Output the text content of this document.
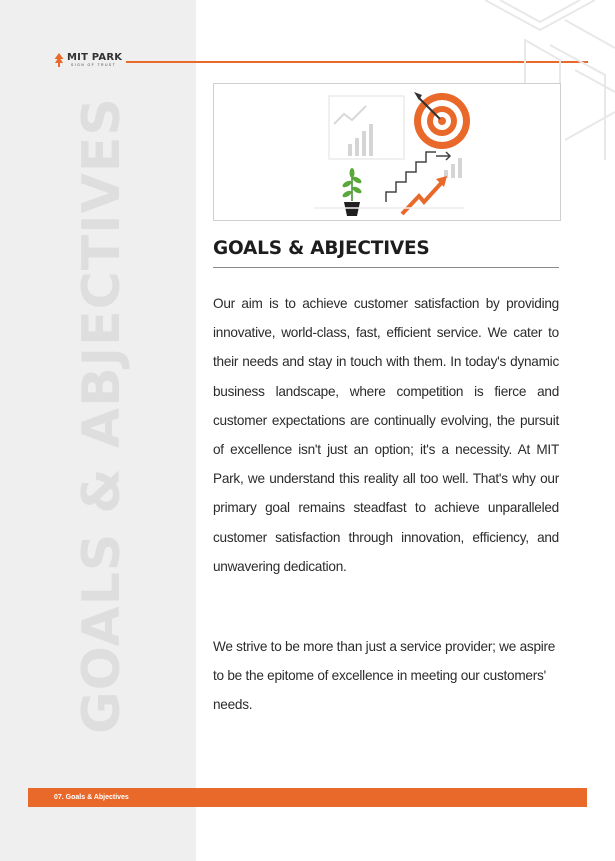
GOALS & ABJECTIVES
MIT PARK
SIGN OF TRUST
GOALS & ABJECTIVES

Our aim is to achieve customer satisfaction by providing innovative, world-class, fast, efficient service. We cater to their needs and stay in touch with them. In today's dynamic business landscape, where competition is fierce and customer expectations are continually evolving, the pursuit of excellence isn't just an option; it's a necessity. At MIT Park, we understand this reality all too well. That's why our primary goal remains steadfast to achieve unparalleled customer satisfaction through innovation, efficiency, and unwavering dedication.

We strive to be more than just a service provider; we aspire to be the epitome of excellence in meeting our customers' needs.

07. Goals & Abjectives
